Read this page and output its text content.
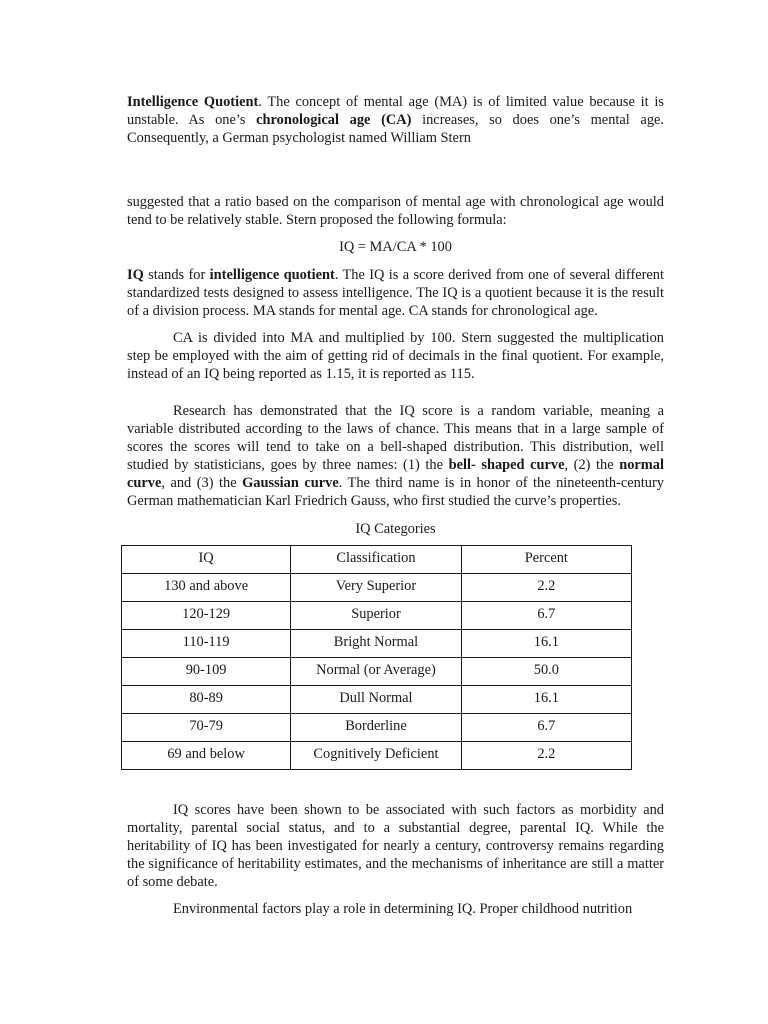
Intelligence Quotient. The concept of mental age (MA) is of limited value because it is unstable. As one’s chronological age (CA) increases, so does one’s mental age. Consequently, a German psychologist named William Stern

suggested that a ratio based on the comparison of mental age with chronological age would tend to be relatively stable. Stern proposed the following formula:

IQ = MA/CA * 100

IQ stands for intelligence quotient. The IQ is a score derived from one of several different standardized tests designed to assess intelligence. The IQ is a quotient because it is the result of a division process. MA stands for mental age. CA stands for chronological age.

CA is divided into MA and multiplied by 100. Stern suggested the multiplication step be employed with the aim of getting rid of decimals in the final quotient. For example, instead of an IQ being reported as 1.15, it is reported as 115.

Research has demonstrated that the IQ score is a random variable, meaning a variable distributed according to the laws of chance. This means that in a large sample of scores the scores will tend to take on a bell-shaped distribution. This distribution, well studied by statisticians, goes by three names: (1) the bell- shaped curve, (2) the normal curve, and (3) the Gaussian curve. The third name is in honor of the nineteenth-century German mathematician Karl Friedrich Gauss, who first studied the curve’s properties.

IQ Categories

IQ	Classification	Percent
130 and above	Very Superior	2.2
120-129	Superior	6.7
110-119	Bright Normal	16.1
90-109	Normal (or Average)	50.0
80-89	Dull Normal	16.1
70-79	Borderline	6.7
69 and below	Cognitively Deficient	2.2

IQ scores have been shown to be associated with such factors as morbidity and mortality, parental social status, and to a substantial degree, parental IQ. While the heritability of IQ has been investigated for nearly a century, controversy remains regarding the significance of heritability estimates, and the mechanisms of inheritance are still a matter of some debate.

Environmental factors play a role in determining IQ. Proper childhood nutrition
